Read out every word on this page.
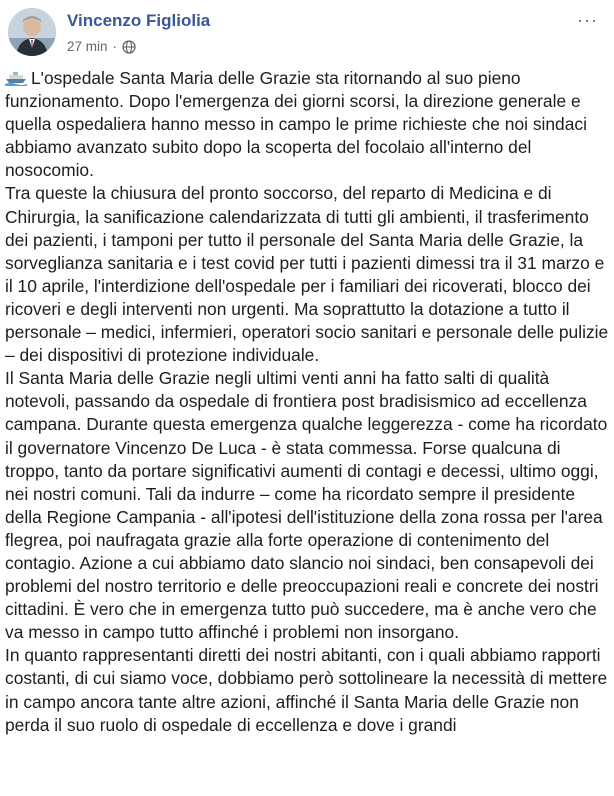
Vincenzo Figliolia
27 min ·
···
L'ospedale Santa Maria delle Grazie sta ritornando al suo pieno funzionamento. Dopo l'emergenza dei giorni scorsi, la direzione generale e quella ospedaliera hanno messo in campo le prime richieste che noi sindaci abbiamo avanzato subito dopo la scoperta del focolaio all'interno del nosocomio.
Tra queste la chiusura del pronto soccorso, del reparto di Medicina e di Chirurgia, la sanificazione calendarizzata di tutti gli ambienti, il trasferimento dei pazienti, i tamponi per tutto il personale del Santa Maria delle Grazie, la sorveglianza sanitaria e i test covid per tutti i pazienti dimessi tra il 31 marzo e il 10 aprile, l'interdizione dell'ospedale per i familiari dei ricoverati, blocco dei ricoveri e degli interventi non urgenti. Ma soprattutto la dotazione a tutto il personale – medici, infermieri, operatori socio sanitari e personale delle pulizie – dei dispositivi di protezione individuale.
Il Santa Maria delle Grazie negli ultimi venti anni ha fatto salti di qualità notevoli, passando da ospedale di frontiera post bradisismico ad eccellenza campana. Durante questa emergenza qualche leggerezza - come ha ricordato il governatore Vincenzo De Luca - è stata commessa. Forse qualcuna di troppo, tanto da portare significativi aumenti di contagi e decessi, ultimo oggi, nei nostri comuni. Tali da indurre – come ha ricordato sempre il presidente della Regione Campania - all'ipotesi dell'istituzione della zona rossa per l'area flegrea, poi naufragata grazie alla forte operazione di contenimento del contagio. Azione a cui abbiamo dato slancio noi sindaci, ben consapevoli dei problemi del nostro territorio e delle preoccupazioni reali e concrete dei nostri cittadini. È vero che in emergenza tutto può succedere, ma è anche vero che va messo in campo tutto affinché i problemi non insorgano.
In quanto rappresentanti diretti dei nostri abitanti, con i quali abbiamo rapporti costanti, di cui siamo voce, dobbiamo però sottolineare la necessità di mettere in campo ancora tante altre azioni, affinché il Santa Maria delle Grazie non perda il suo ruolo di ospedale di eccellenza e dove i grandi
